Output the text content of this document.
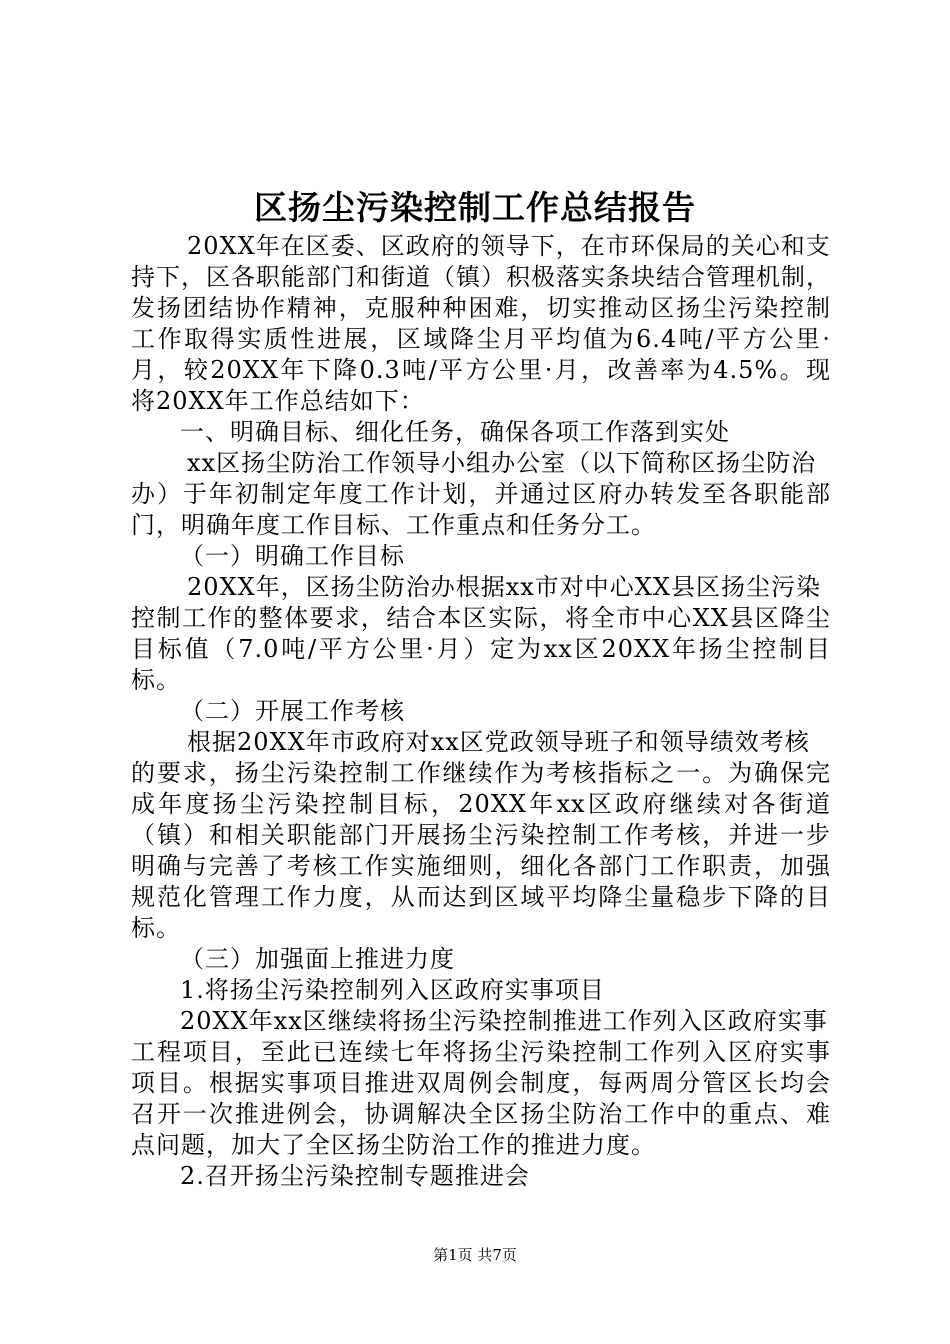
区扬尘污染控制工作总结报告
20XX年在区委、区政府的领导下，在市环保局的关心和支
持下，区各职能部门和街道（镇）积极落实条块结合管理机制，
发扬团结协作精神，克服种种困难，切实推动区扬尘污染控制
工作取得实质性进展，区域降尘月平均值为6.4吨/平方公里·
月，较20XX年下降0.3吨/平方公里·月，改善率为4.5%。现
将20XX年工作总结如下：
一、明确目标、细化任务，确保各项工作落到实处
xx区扬尘防治工作领导小组办公室（以下简称区扬尘防治
办）于年初制定年度工作计划，并通过区府办转发至各职能部
门，明确年度工作目标、工作重点和任务分工。
（一）明确工作目标
20XX年，区扬尘防治办根据xx市对中心XX县区扬尘污染
控制工作的整体要求，结合本区实际，将全市中心XX县区降尘
目标值（7.0吨/平方公里·月）定为xx区20XX年扬尘控制目
标。
（二）开展工作考核
根据20XX年市政府对xx区党政领导班子和领导绩效考核
的要求，扬尘污染控制工作继续作为考核指标之一。为确保完
成年度扬尘污染控制目标，20XX年xx区政府继续对各街道
（镇）和相关职能部门开展扬尘污染控制工作考核，并进一步
明确与完善了考核工作实施细则，细化各部门工作职责，加强
规范化管理工作力度，从而达到区域平均降尘量稳步下降的目
标。
（三）加强面上推进力度
1.将扬尘污染控制列入区政府实事项目
20XX年xx区继续将扬尘污染控制推进工作列入区政府实事
工程项目，至此已连续七年将扬尘污染控制工作列入区府实事
项目。根据实事项目推进双周例会制度，每两周分管区长均会
召开一次推进例会，协调解决全区扬尘防治工作中的重点、难
点问题，加大了全区扬尘防治工作的推进力度。
2.召开扬尘污染控制专题推进会
第1页 共7页
